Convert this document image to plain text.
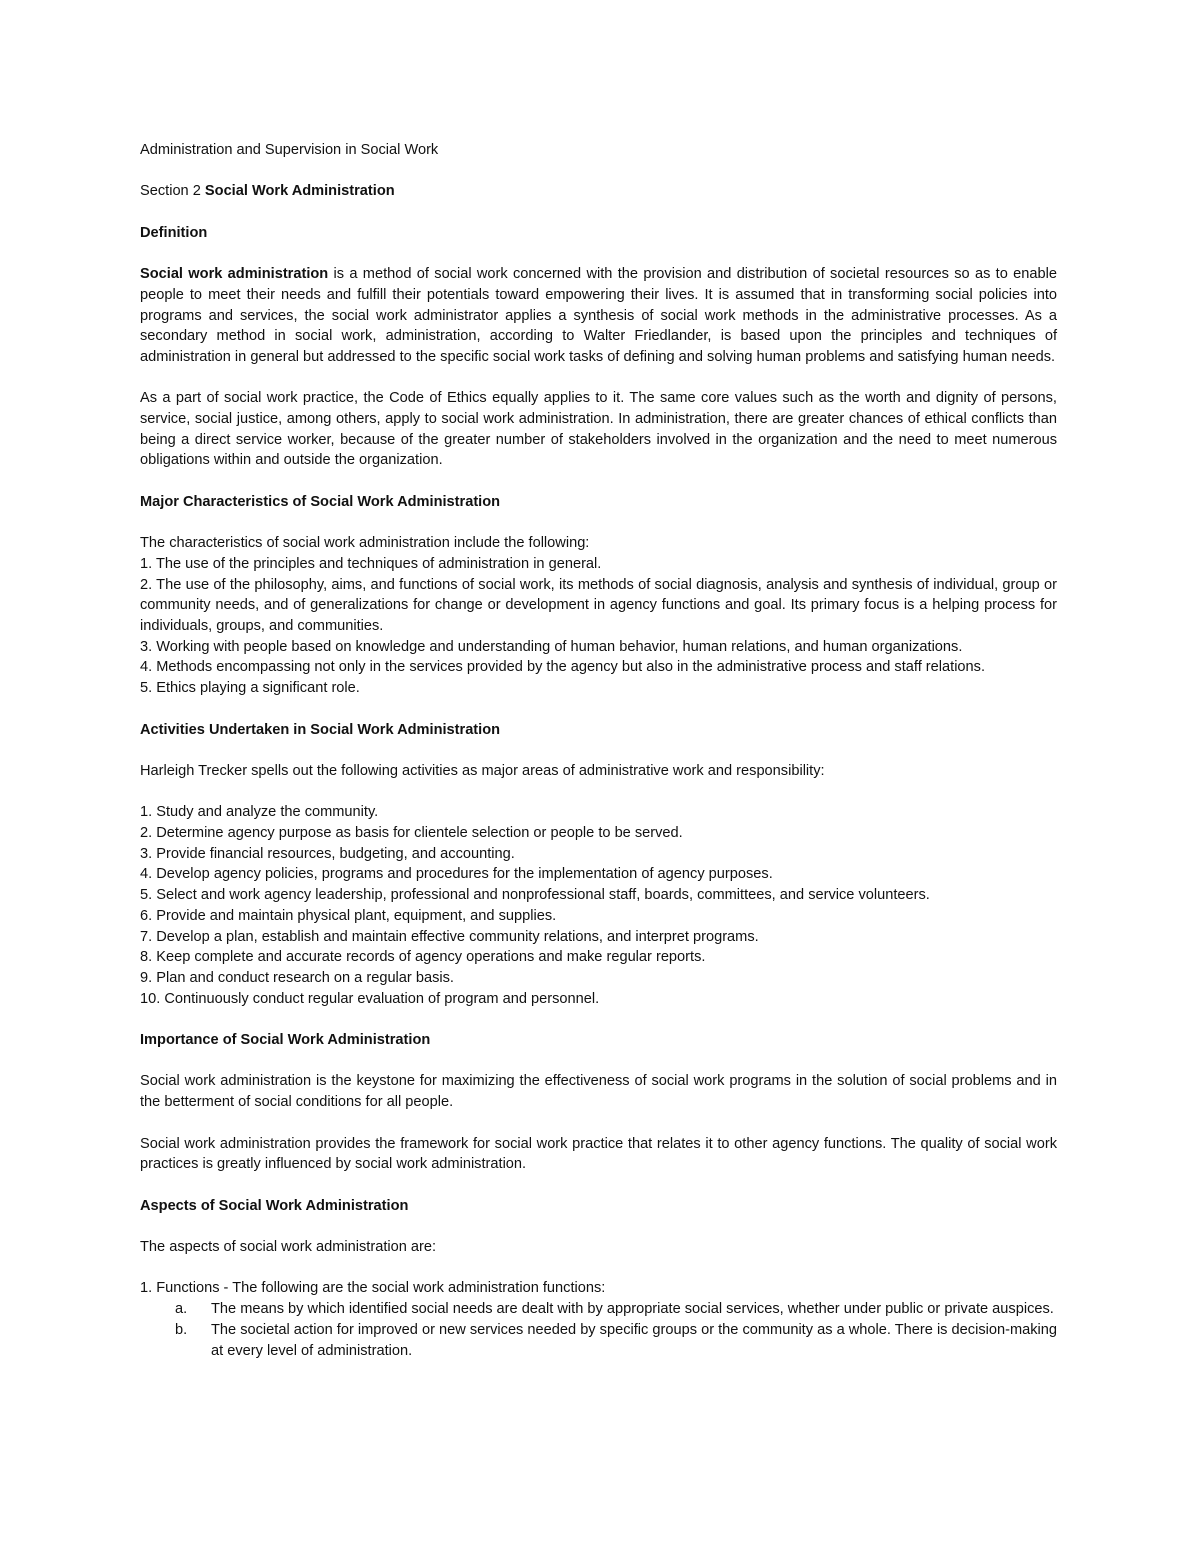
Administration and Supervision in Social Work

Section 2 Social Work Administration

Definition

Social work administration is a method of social work concerned with the provision and distribution of societal resources so as to enable people to meet their needs and fulfill their potentials toward empowering their lives. It is assumed that in transforming social policies into programs and services, the social work administrator applies a synthesis of social work methods in the administrative processes. As a secondary method in social work, administration, according to Walter Friedlander, is based upon the principles and techniques of administration in general but addressed to the specific social work tasks of defining and solving human problems and satisfying human needs.

As a part of social work practice, the Code of Ethics equally applies to it. The same core values such as the worth and dignity of persons, service, social justice, among others, apply to social work administration. In administration, there are greater chances of ethical conflicts than being a direct service worker, because of the greater number of stakeholders involved in the organization and the need to meet numerous obligations within and outside the organization.

Major Characteristics of Social Work Administration

The characteristics of social work administration include the following:

1. The use of the principles and techniques of administration in general.

2. The use of the philosophy, aims, and functions of social work, its methods of social diagnosis, analysis and synthesis of individual, group or community needs, and of generalizations for change or development in agency functions and goal. Its primary focus is a helping process for individuals, groups, and communities.

3. Working with people based on knowledge and understanding of human behavior, human relations, and human organizations.

4. Methods encompassing not only in the services provided by the agency but also in the administrative process and staff relations.

5. Ethics playing a significant role.

Activities Undertaken in Social Work Administration

Harleigh Trecker spells out the following activities as major areas of administrative work and responsibility:

1. Study and analyze the community.

2. Determine agency purpose as basis for clientele selection or people to be served.

3. Provide financial resources, budgeting, and accounting.

4. Develop agency policies, programs and procedures for the implementation of agency purposes.

5. Select and work agency leadership, professional and nonprofessional staff, boards, committees, and service volunteers.

6. Provide and maintain physical plant, equipment, and supplies.

7. Develop a plan, establish and maintain effective community relations, and interpret programs.

8. Keep complete and accurate records of agency operations and make regular reports.

9. Plan and conduct research on a regular basis.

10. Continuously conduct regular evaluation of program and personnel.

Importance of Social Work Administration

Social work administration is the keystone for maximizing the effectiveness of social work programs in the solution of social problems and in the betterment of social conditions for all people.

Social work administration provides the framework for social work practice that relates it to other agency functions. The quality of social work practices is greatly influenced by social work administration.

Aspects of Social Work Administration

The aspects of social work administration are:

1. Functions - The following are the social work administration functions:

a.	The means by which identified social needs are dealt with by appropriate social services, whether under public or private auspices.
b.	The societal action for improved or new services needed by specific groups or the community as a whole. There is decision-making at every level of administration.
